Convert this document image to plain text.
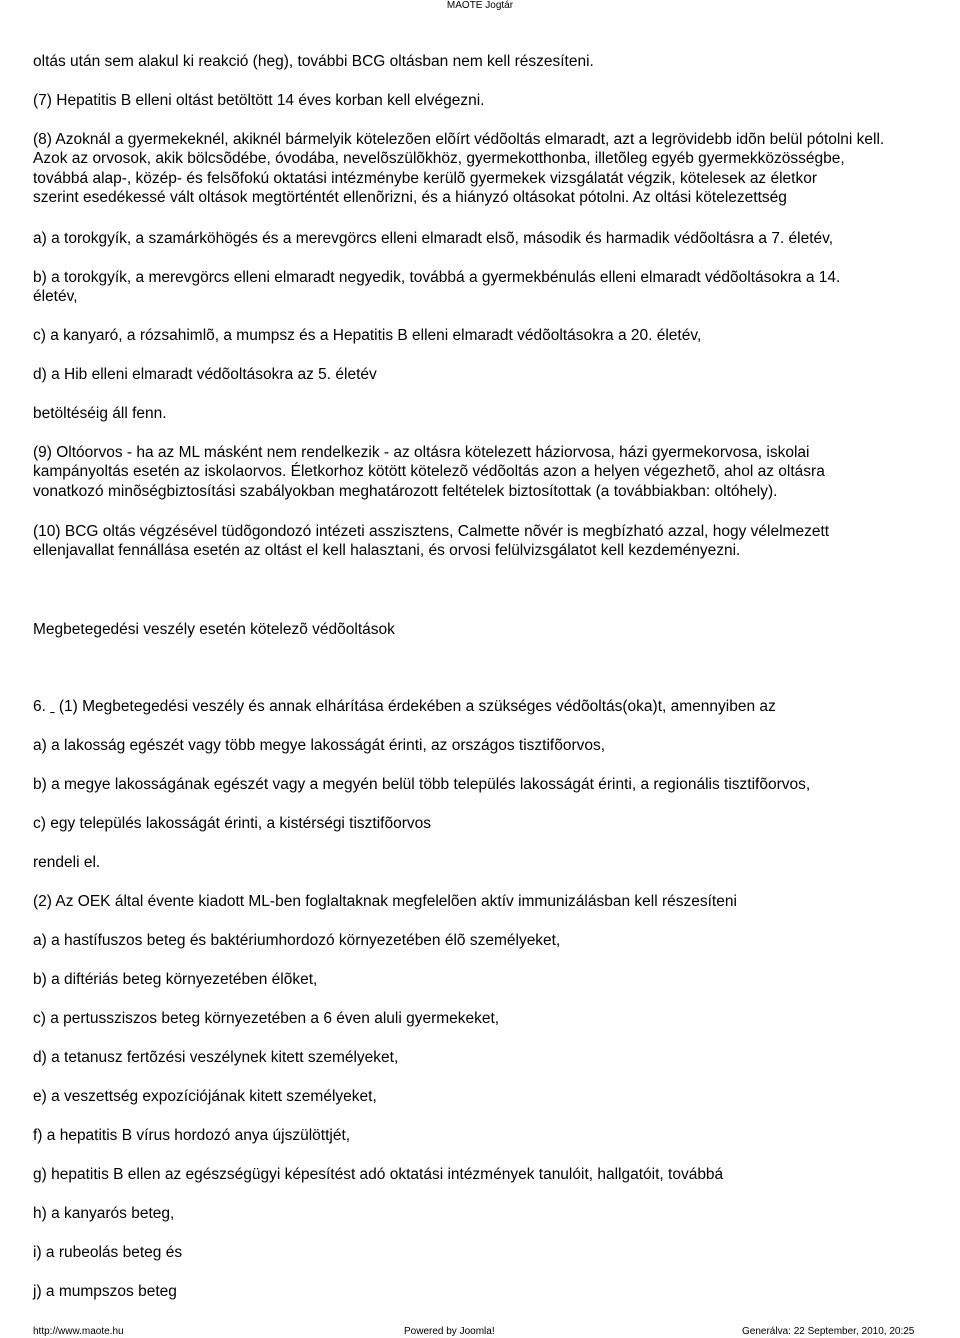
MAOTE Jogtár
oltás után sem alakul ki reakció (heg), további BCG oltásban nem kell részesíteni.
(7) Hepatitis B elleni oltást betöltött 14 éves korban kell elvégezni.
(8) Azoknál a gyermekeknél, akiknél bármelyik kötelezõen elõírt védõoltás elmaradt, azt a legrövidebb idõn belül pótolni kell.
Azok az orvosok, akik bölcsõdébe, óvodába, nevelõszülõkhöz, gyermekotthonba, illetõleg egyéb gyermekközösségbe,
továbbá alap-, közép- és felsõfokú oktatási intézménybe kerülõ gyermekek vizsgálatát végzik, kötelesek az életkor
szerint esedékessé vált oltások megtörténtét ellenõrizni, és a hiányzó oltásokat pótolni. Az oltási kötelezettség
a) a torokgyík, a szamárköhögés és a merevgörcs elleni elmaradt elsõ, második és harmadik védõoltásra a 7. életév,
b) a torokgyík, a merevgörcs elleni elmaradt negyedik, továbbá a gyermekbénulás elleni elmaradt védõoltásokra a 14.
életév,
c) a kanyaró, a rózsahimlõ, a mumpsz és a Hepatitis B elleni elmaradt védõoltásokra a 20. életév,
d) a Hib elleni elmaradt védõoltásokra az 5. életév
betöltéséig áll fenn.
(9) Oltóorvos - ha az ML másként nem rendelkezik - az oltásra kötelezett háziorvosa, házi gyermekorvosa, iskolai
kampányoltás esetén az iskolaorvos. Életkorhoz kötött kötelezõ védõoltás azon a helyen végezhetõ, ahol az oltásra
vonatkozó minõségbiztosítási szabályokban meghatározott feltételek biztosítottak (a továbbiakban: oltóhely).
(10) BCG oltás végzésével tüdõgondozó intézeti asszisztens, Calmette nõvér is megbízható azzal, hogy vélelmezett
ellenjavallat fennállása esetén az oltást el kell halasztani, és orvosi felülvizsgálatot kell kezdeményezni.
Megbetegedési veszély esetén kötelezõ védõoltások
6. (1) Megbetegedési veszély és annak elhárítása érdekében a szükséges védõoltás(oka)t, amennyiben az
a) a lakosság egészét vagy több megye lakosságát érinti, az országos tisztifõorvos,
b) a megye lakosságának egészét vagy a megyén belül több település lakosságát érinti, a regionális tisztifõorvos,
c) egy település lakosságát érinti, a kistérségi tisztifõorvos
rendeli el.
(2) Az OEK által évente kiadott ML-ben foglaltaknak megfelelõen aktív immunizálásban kell részesíteni
a) a hastífuszos beteg és baktériumhordozó környezetében élõ személyeket,
b) a diftériás beteg környezetében élõket,
c) a pertussziszos beteg környezetében a 6 éven aluli gyermekeket,
d) a tetanusz fertõzési veszélynek kitett személyeket,
e) a veszettség expozíciójának kitett személyeket,
f) a hepatitis B vírus hordozó anya újszülöttjét,
g) hepatitis B ellen az egészségügyi képesítést adó oktatási intézmények tanulóit, hallgatóit, továbbá
h) a kanyarós beteg,
i) a rubeolás beteg és
j) a mumpszos beteg
http://www.maote.hu	Powered by Joomla!	Generálva: 22 September, 2010, 20:25
